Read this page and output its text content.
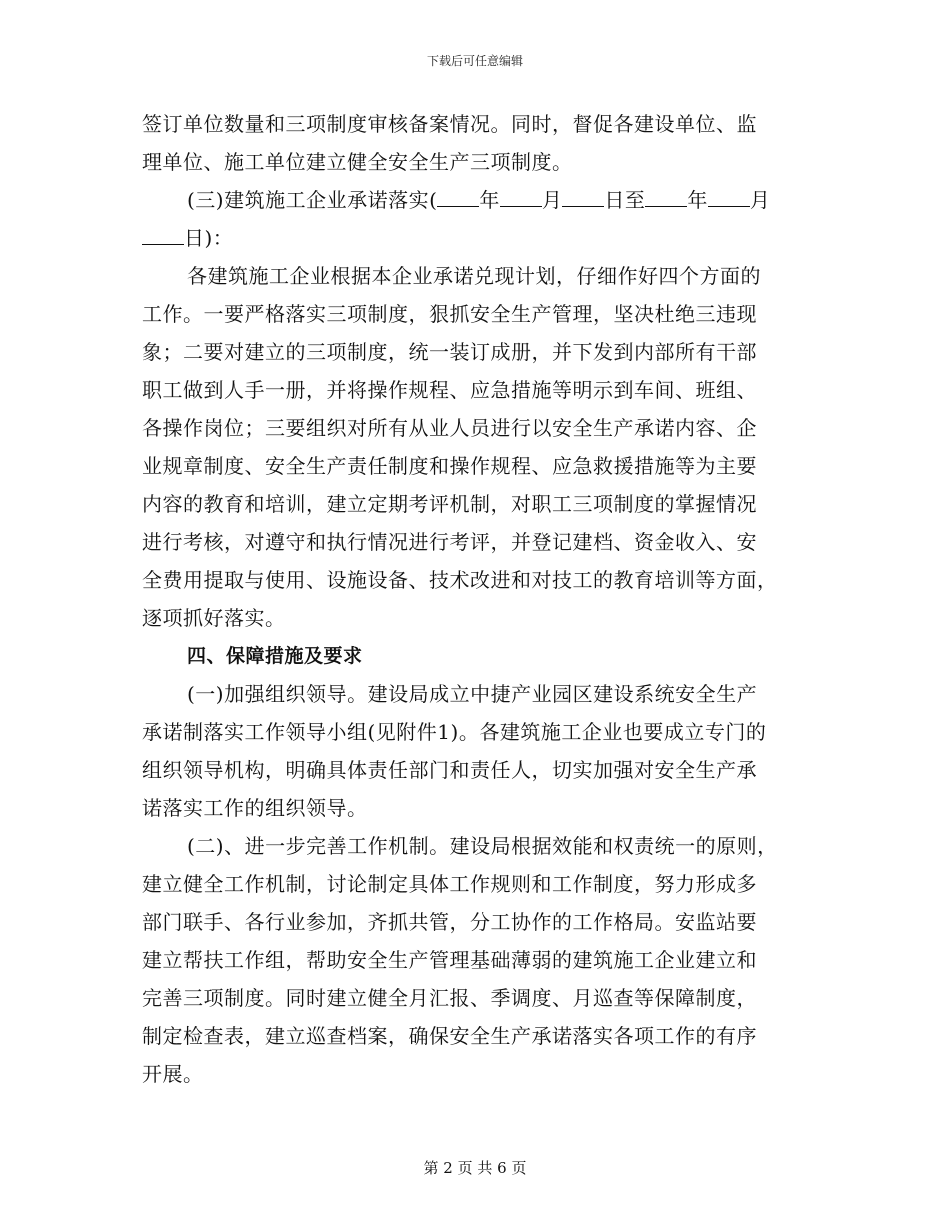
下载后可任意编辑
签订单位数量和三项制度审核备案情况。同时，督促各建设单位、监
理单位、施工单位建立健全安全生产三项制度。
(三)建筑施工企业承诺落实( 年 月 日至 年 月
日)：
各建筑施工企业根据本企业承诺兑现计划，仔细作好四个方面的
工作。一要严格落实三项制度，狠抓安全生产管理，坚决杜绝三违现
象；二要对建立的三项制度，统一装订成册，并下发到内部所有干部
职工做到人手一册，并将操作规程、应急措施等明示到车间、班组、
各操作岗位；三要组织对所有从业人员进行以安全生产承诺内容、企
业规章制度、安全生产责任制度和操作规程、应急救援措施等为主要
内容的教育和培训，建立定期考评机制，对职工三项制度的掌握情况
进行考核，对遵守和执行情况进行考评，并登记建档、资金收入、安
全费用提取与使用、设施设备、技术改进和对技工的教育培训等方面，
逐项抓好落实。
四、保障措施及要求
(一)加强组织领导。建设局成立中捷产业园区建设系统安全生产
承诺制落实工作领导小组(见附件1)。各建筑施工企业也要成立专门的
组织领导机构，明确具体责任部门和责任人，切实加强对安全生产承
诺落实工作的组织领导。
(二)、进一步完善工作机制。建设局根据效能和权责统一的原则，
建立健全工作机制，讨论制定具体工作规则和工作制度，努力形成多
部门联手、各行业参加，齐抓共管，分工协作的工作格局。安监站要
建立帮扶工作组，帮助安全生产管理基础薄弱的建筑施工企业建立和
完善三项制度。同时建立健全月汇报、季调度、月巡查等保障制度，
制定检查表，建立巡查档案，确保安全生产承诺落实各项工作的有序
开展。
第 2 页 共 6 页
